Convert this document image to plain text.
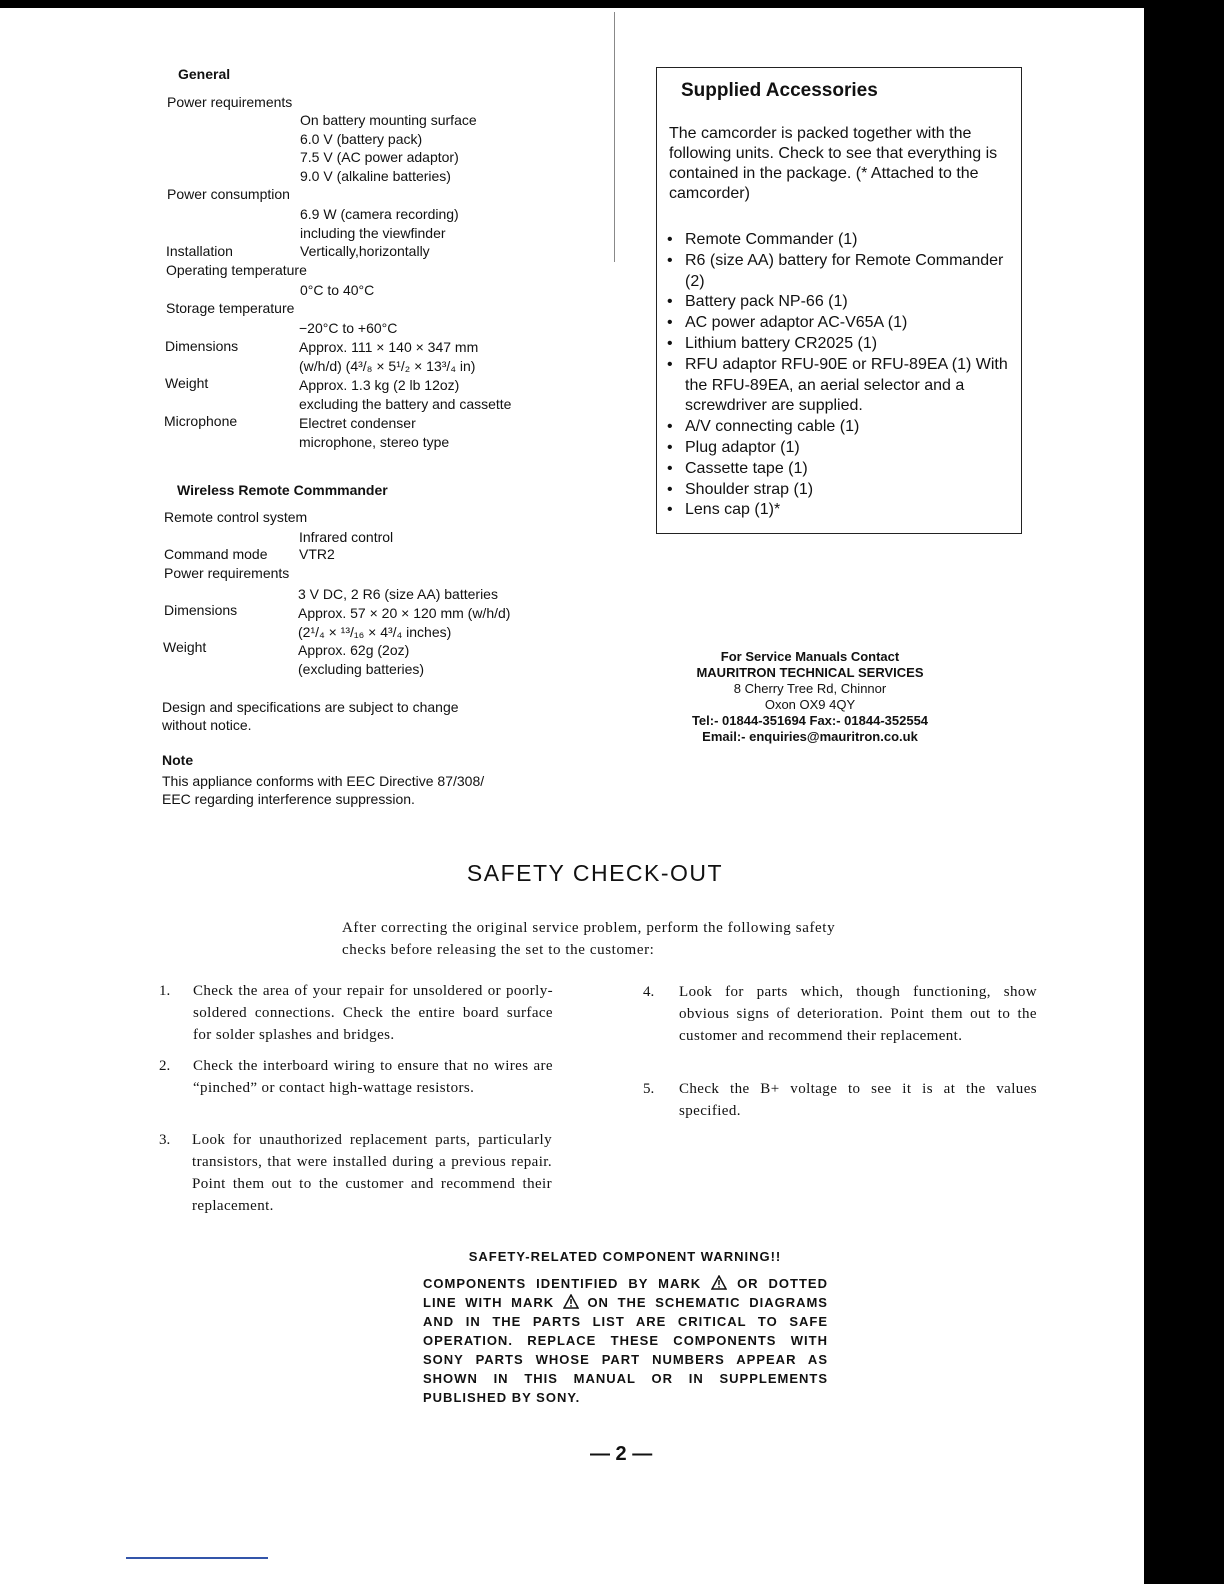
General
Power requirements
On battery mounting surface
6.0 V (battery pack)
7.5 V (AC power adaptor)
9.0 V (alkaline batteries)
Power consumption
6.9 W (camera recording)
including the viewfinder
Installation	Vertically,horizontally
Operating temperature
0°C to 40°C
Storage temperature
−20°C to +60°C
Dimensions	Approx. 111 × 140 × 347 mm
(w/h/d) (4³/₈ × 5¹/₂ × 13³/₄ in)
Weight	Approx. 1.3 kg (2 lb 12oz)
excluding the battery and cassette
Microphone	Electret condenser
microphone, stereo type
Wireless Remote Commmander
Remote control system
Infrared control
Command mode VTR2
Power requirements
3 V DC, 2 R6 (size AA) batteries
Dimensions	Approx. 57 × 20 × 120 mm (w/h/d)
(2¹/₄ × ¹³/₁₆ × 4³/₄ inches)
Weight	Approx. 62g (2oz)
(excluding batteries)
Design and specifications are subject to change
without notice.
Note
This appliance conforms with EEC Directive 87/308/
EEC regarding interference suppression.
Supplied Accessories
The camcorder is packed together with the following units. Check to see that everything is contained in the package. (* Attached to the camcorder)
• Remote Commander (1)
• R6 (size AA) battery for Remote Commander (2)
• Battery pack NP-66 (1)
• AC power adaptor AC-V65A (1)
• Lithium battery CR2025 (1)
• RFU adaptor RFU-90E or RFU-89EA (1) With the RFU-89EA, an aerial selector and a screwdriver are supplied.
• A/V connecting cable (1)
• Plug adaptor (1)
• Cassette tape (1)
• Shoulder strap (1)
• Lens cap (1)*
For Service Manuals Contact
MAURITRON TECHNICAL SERVICES
8 Cherry Tree Rd, Chinnor
Oxon OX9 4QY
Tel:- 01844-351694 Fax:- 01844-352554
Email:- enquiries@mauritron.co.uk
SAFETY CHECK-OUT
After correcting the original service problem, perform the following safety checks before releasing the set to the customer:
1. Check the area of your repair for unsoldered or poorly-soldered connections. Check the entire board surface for solder splashes and bridges.
2. Check the interboard wiring to ensure that no wires are “pinched” or contact high-wattage resistors.
3. Look for unauthorized replacement parts, particularly transistors, that were installed during a previous repair. Point them out to the customer and recommend their replacement.
4. Look for parts which, though functioning, show obvious signs of deterioration. Point them out to the customer and recommend their replacement.
5. Check the B+ voltage to see it is at the values specified.
SAFETY-RELATED COMPONENT WARNING!!
COMPONENTS IDENTIFIED BY MARK	OR DOTTED LINE WITH MARK	ON THE SCHEMATIC DIAGRAMS AND IN THE PARTS LIST ARE CRITICAL TO SAFE OPERATION. REPLACE THESE COMPONENTS WITH SONY PARTS WHOSE PART NUMBERS APPEAR AS SHOWN IN THIS MANUAL OR IN SUPPLEMENTS PUBLISHED BY SONY.
— 2 —
